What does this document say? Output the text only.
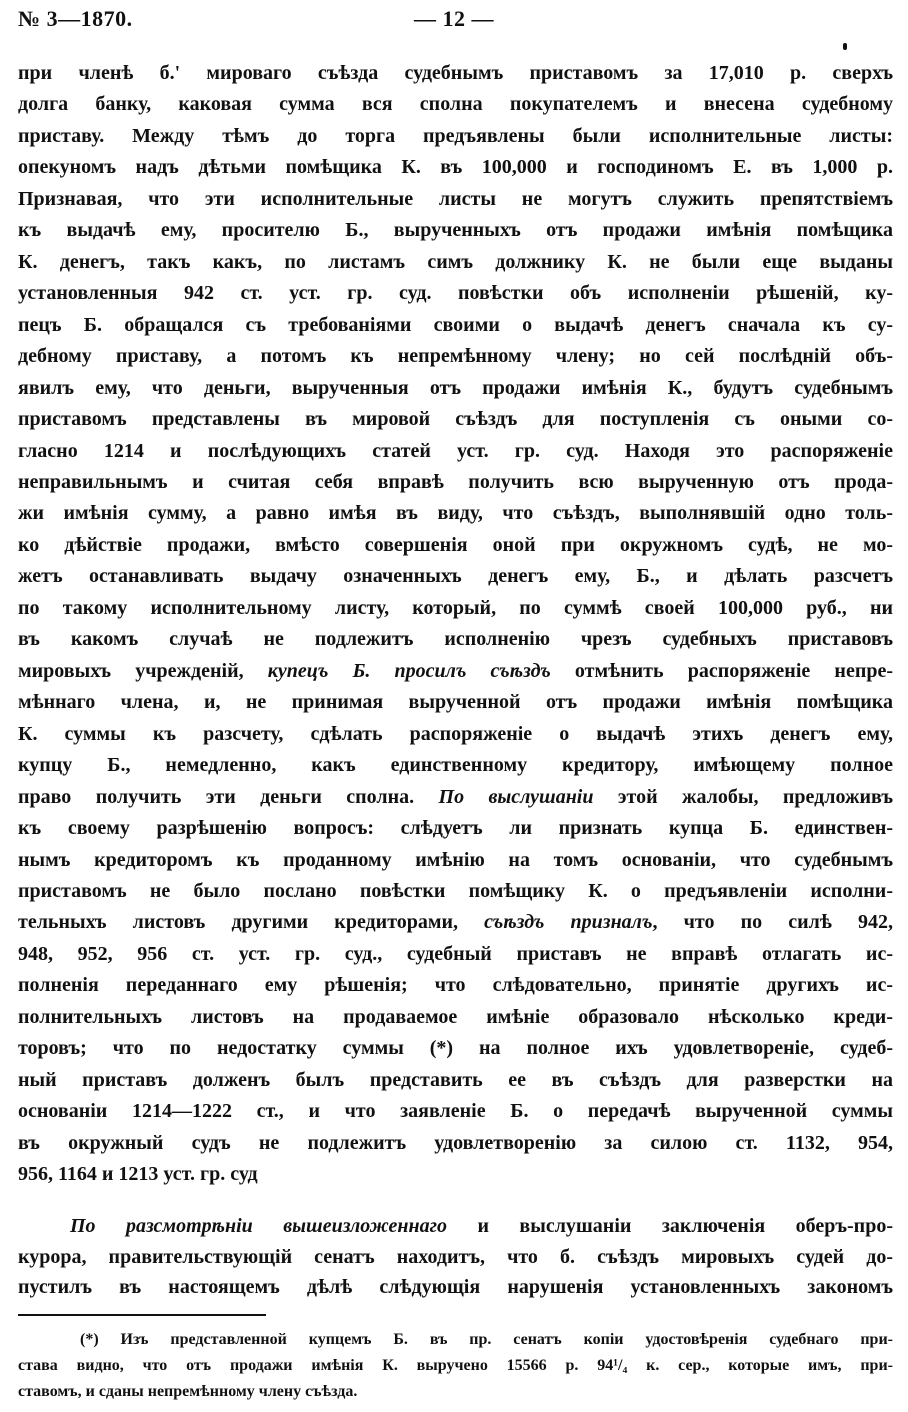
№ 3—1870.	— 12 —
при членѣ б.' мироваго съѣзда судебнымъ приставомъ за 17,010 р. сверхъ
долга банку, каковая сумма вся сполна покупателемъ и внесена судебному
приставу. Между тѣмъ до торга предъявлены были исполнительные листы:
опекуномъ надъ дѣтьми помѣщика К. въ 100,000 и господиномъ Е. въ 1,000 р.
Признавая, что эти исполнительные листы не могутъ служить препятствіемъ
къ выдачѣ ему, просителю Б., вырученныхъ отъ продажи имѣнія помѣщика
К. денегъ, такъ какъ, по листамъ симъ должнику К. не были еще выданы
установленныя 942 ст. уст. гр. суд. повѣстки объ исполненіи рѣшеній, ку-
пецъ Б. обращался съ требованіями своими о выдачѣ денегъ сначала къ су-
дебному приставу, а потомъ къ непремѣнному члену; но сей послѣдній объ-
явилъ ему, что деньги, вырученныя отъ продажи имѣнія К., будутъ судебнымъ
приставомъ представлены въ мировой съѣздъ для поступленія съ оными со-
гласно 1214 и послѣдующихъ статей уст. гр. суд. Находя это распоряженіе
неправильнымъ и считая себя вправѣ получить всю вырученную отъ прода-
жи имѣнія сумму, а равно имѣя въ виду, что съѣздъ, выполнявшій одно толь-
ко дѣйствіе продажи, вмѣсто совершенія оной при окружномъ судѣ, не мо-
жетъ останавливать выдачу означенныхъ денегъ ему, Б., и дѣлать разсчетъ
по такому исполнительному листу, который, по суммѣ своей 100,000 руб., ни
въ какомъ случаѣ не подлежитъ исполненію чрезъ судебныхъ приставовъ
мировыхъ учрежденій, купецъ Б. просилъ съѣздъ отмѣнить распоряженіе непре-
мѣннаго члена, и, не принимая вырученной отъ продажи имѣнія помѣщика
К. суммы къ разсчету, сдѣлать распоряженіе о выдачѣ этихъ денегъ ему,
купцу Б., немедленно, какъ единственному кредитору, имѣющему полное
право получить эти деньги сполна. По выслушаніи этой жалобы, предложивъ
къ своему разрѣшенію вопросъ: слѣдуетъ ли признать купца Б. единствен-
нымъ кредиторомъ къ проданному имѣнію на томъ основаніи, что судебнымъ
приставомъ не было послано повѣстки помѣщику К. о предъявленіи исполни-
тельныхъ листовъ другими кредиторами, съѣздъ призналъ, что по силѣ 942,
948, 952, 956 ст. уст. гр. суд., судебный приставъ не вправѣ отлагать ис-
полненія переданнаго ему рѣшенія; что слѣдовательно, принятіе другихъ ис-
полнительныхъ листовъ на продаваемое имѣніе образовало нѣсколько креди-
торовъ; что по недостатку суммы (*) на полное ихъ удовлетвореніе, судеб-
ный приставъ долженъ былъ представить ее въ съѣздъ для разверстки на
основаніи 1214—1222 ст., и что заявленіе Б. о передачѣ вырученной суммы
въ окружный судъ не подлежитъ удовлетворенію за силою ст. 1132, 954,
956, 1164 и 1213 уст. гр. суд
По разсмотрѣніи вышеизложеннаго и выслушаніи заключенія оберъ-про-
курора, правительствующій сенатъ находитъ, что б. съѣздъ мировыхъ судей до-
пустилъ въ настоящемъ дѣлѣ слѣдующія нарушенія установленныхъ закономъ
(*) Изъ представленной купцемъ Б. въ пр. сенатъ копіи удостовѣренія судебнаго при-
става видно, что отъ продажи имѣнія К. выручено 15566 р. 94¹/₄ к. сер., которые имъ, при-
ставомъ, и сданы непремѣнному члену съѣзда.
